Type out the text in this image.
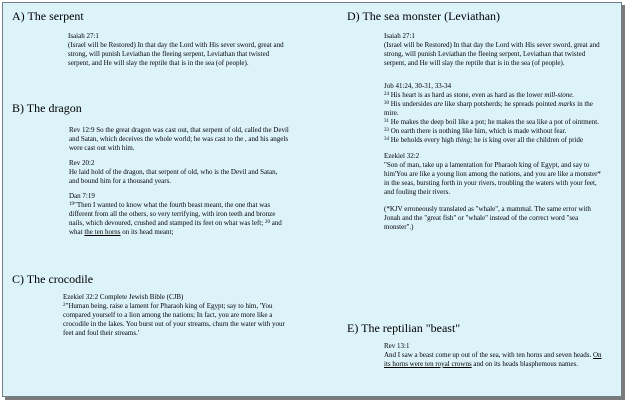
A) The serpent

Isaiah 27:1

(Israel will be Restored) In that day the Lord with His sever sword, great and strong, will punish Leviathan the fleeing serpent, Leviathan that twisted serpent, and He will slay the reptile that is in the sea (of people).

B) The dragon

Rev 12:9 So the great dragon was cast out, that serpent of old, called the Devil and Satan, which deceives the whole world; he was cast to the , and his angels were cast out with him.

Rev 20:2

He laid hold of the dragon, that serpent of old, who is the Devil and Satan, and bound him for a thousand years.

Dan 7:19

$^{19}$"Then I wanted to know what the fourth beast meant, the one that was different from all the others, so very terrifying, with iron teeth and bronze nails, which devoured, crushed and stamped its feet on what was left; $^{20}$ and what the ten horns on its head meant;

C) The crocodile

Ezekiel 32:2 Complete Jewish Bible (CJB)

$^2$"Human being, raise a lament for Pharaoh king of Egypt; say to him, 'You compared yourself to a lion among the nations; In fact, you are more like a crocodile in the lakes. You burst out of your streams, churn the water with your feet and foul their streams.'

D) The sea monster (Leviathan)

Isaiah 27:1

(Israel will be Restored) In that day the Lord with His sever sword, great and strong, will punish Leviathan the fleeing serpent, Leviathan that twisted serpent, and He will slay the reptile that is in the sea (of people).

Job 41:24, 30-31, 33-34

$^{24}$ His heart is as hard as stone, even as hard as the lower mill-stone.

$^{30}$ His undersides are like sharp potsherds; he spreads pointed marks in the mire.

$^{31}$ He makes the deep boil like a pot; he makes the sea like a pot of ointment.

$^{33}$ On earth there is nothing like him, which is made without fear.

$^{34}$ He beholds every high thing; he is king over all the children of pride

Ezekiel 32:2

"Son of man, take up a lamentation for Pharaoh king of Egypt, and say to him'You are like a young lion among the nations, and you are like a monster* in the seas, bursting forth in your rivers, troubling the waters with your feet, and fouling their rivers.

(*KJV erroneously translated as "whale", a mammal. The same error with Jonah and the "great fish" or "whale" instead of the correct word "sea monster".)

E) The reptilian "beast"

Rev 13:1

And I saw a beast come up out of the sea, with ten horns and seven heads. On its horns were ten royal crowns and on its heads blasphemous names.
